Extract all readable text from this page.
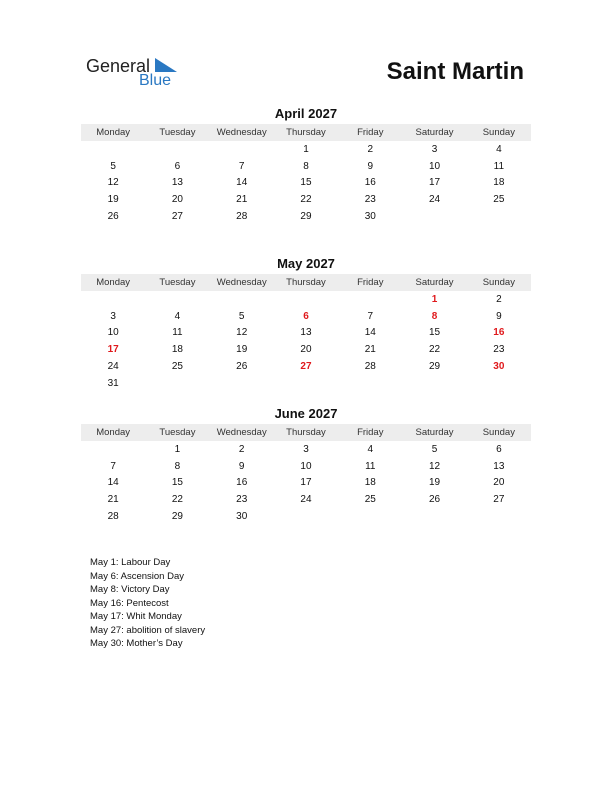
General
Blue	Saint Martin
April 2027
Monday	Tuesday	Wednesday	Thursday	Friday	Saturday	Sunday
			1	2	3	4
5	6	7	8	9	10	11
12	13	14	15	16	17	18
19	20	21	22	23	24	25
26	27	28	29	30		
May 2027
Monday	Tuesday	Wednesday	Thursday	Friday	Saturday	Sunday
					1	2
3	4	5	6	7	8	9
10	11	12	13	14	15	16
17	18	19	20	21	22	23
24	25	26	27	28	29	30
31						
June 2027
Monday	Tuesday	Wednesday	Thursday	Friday	Saturday	Sunday
	1	2	3	4	5	6
7	8	9	10	11	12	13
14	15	16	17	18	19	20
21	22	23	24	25	26	27
28	29	30				
May 1: Labour Day
May 6: Ascension Day
May 8: Victory Day
May 16: Pentecost
May 17: Whit Monday
May 27: abolition of slavery
May 30: Mother’s Day
